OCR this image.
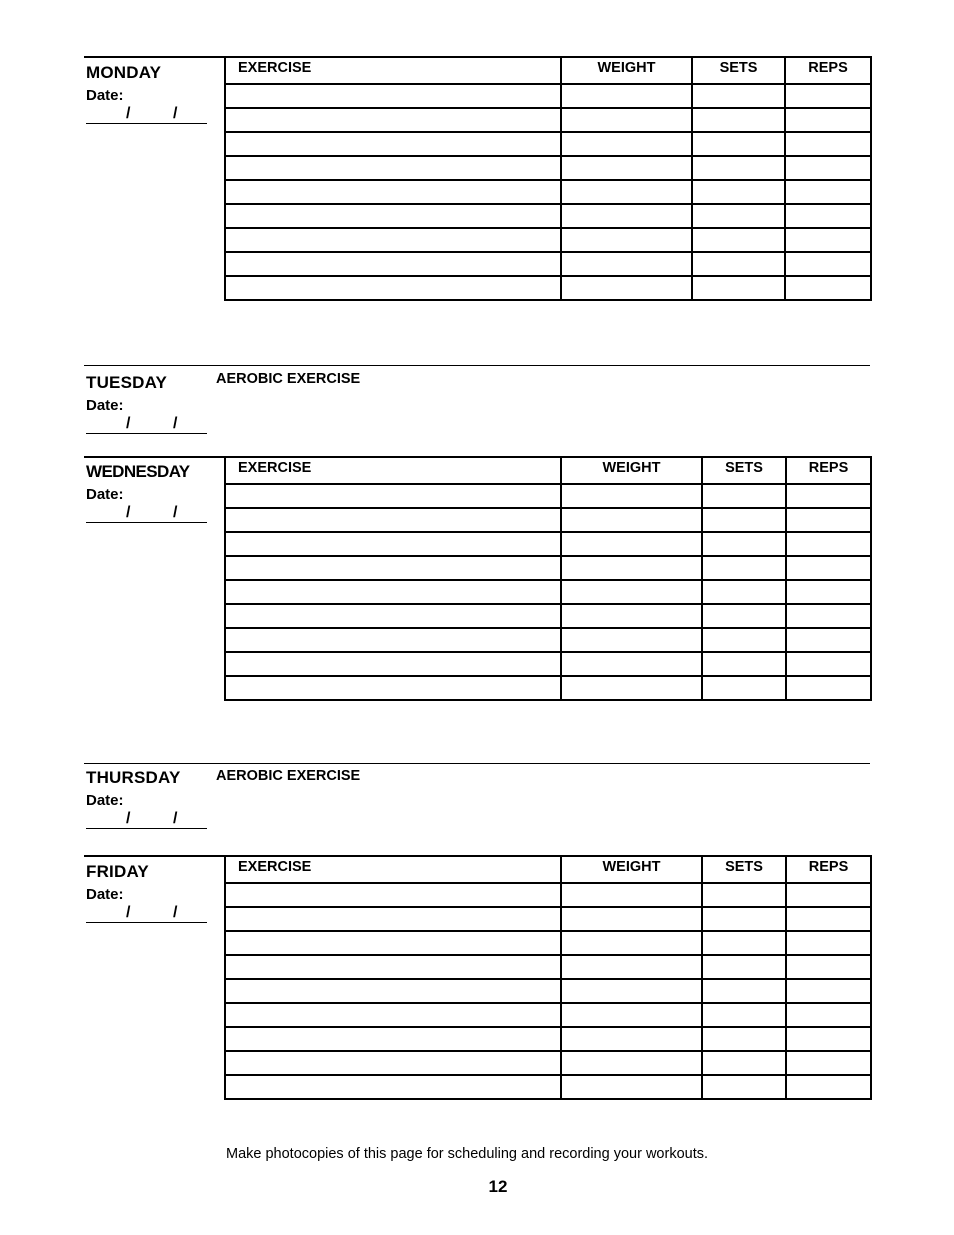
MONDAY
Date:
/	/
EXERCISE	WEIGHT	SETS	REPS

TUESDAY
Date:
/	/
AEROBIC EXERCISE
WEDNESDAY
Date:
/	/
EXERCISE	WEIGHT	SETS	REPS

THURSDAY
Date:
/	/
AEROBIC EXERCISE
FRIDAY
Date:
/	/
EXERCISE	WEIGHT	SETS	REPS

Make photocopies of this page for scheduling and recording your workouts.
12
